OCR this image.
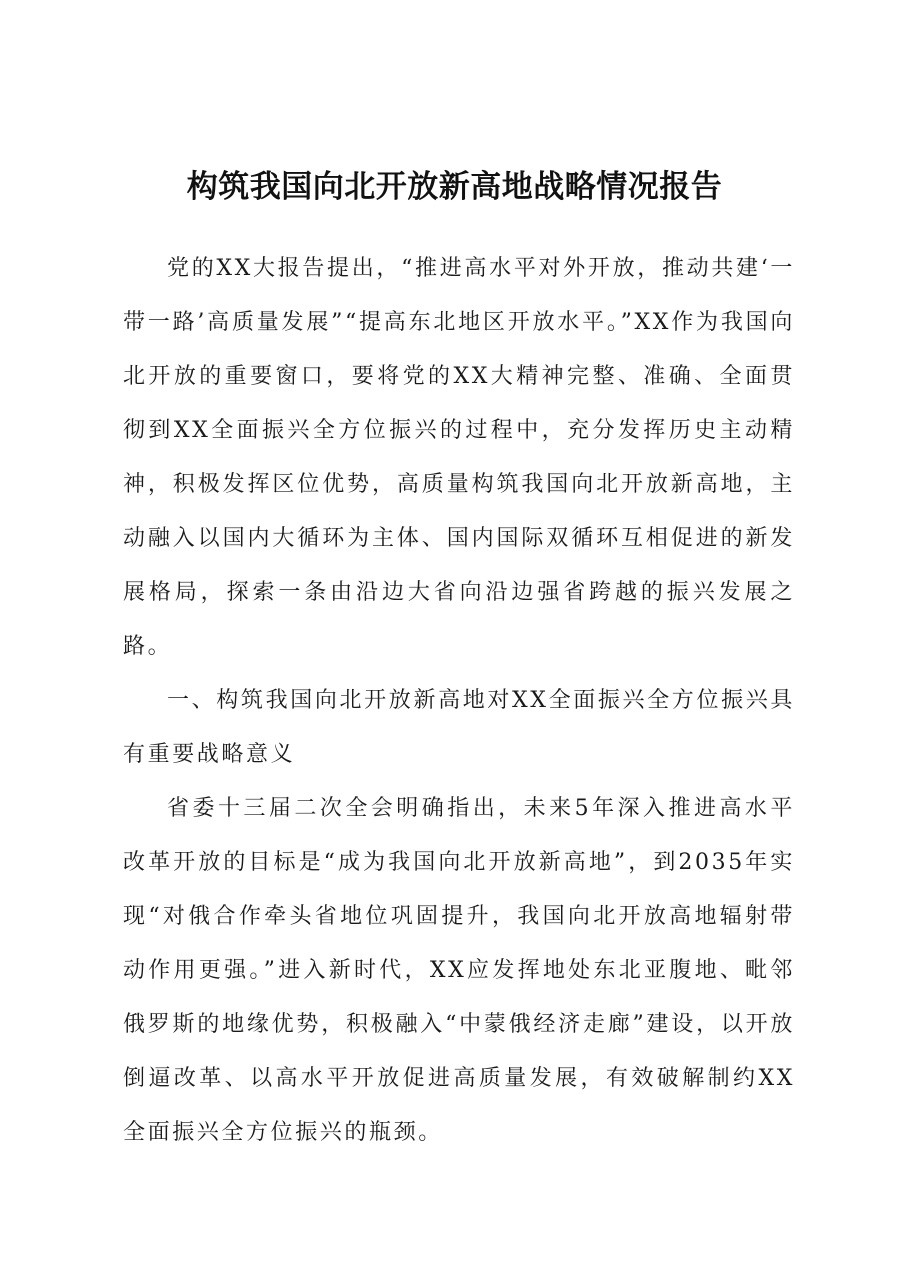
构筑我国向北开放新高地战略情况报告

党的XX大报告提出，“推进高水平对外开放，推动共建‘一带一路’高质量发展”“提高东北地区开放水平。”XX作为我国向北开放的重要窗口，要将党的XX大精神完整、准确、全面贯彻到XX全面振兴全方位振兴的过程中，充分发挥历史主动精神，积极发挥区位优势，高质量构筑我国向北开放新高地，主动融入以国内大循环为主体、国内国际双循环互相促进的新发展格局，探索一条由沿边大省向沿边强省跨越的振兴发展之路。

一、构筑我国向北开放新高地对XX全面振兴全方位振兴具有重要战略意义

省委十三届二次全会明确指出，未来5年深入推进高水平改革开放的目标是“成为我国向北开放新高地”，到2035年实现“对俄合作牵头省地位巩固提升，我国向北开放高地辐射带动作用更强。”进入新时代，XX应发挥地处东北亚腹地、毗邻俄罗斯的地缘优势，积极融入“中蒙俄经济走廊”建设，以开放倒逼改革、以高水平开放促进高质量发展，有效破解制约XX全面振兴全方位振兴的瓶颈。
